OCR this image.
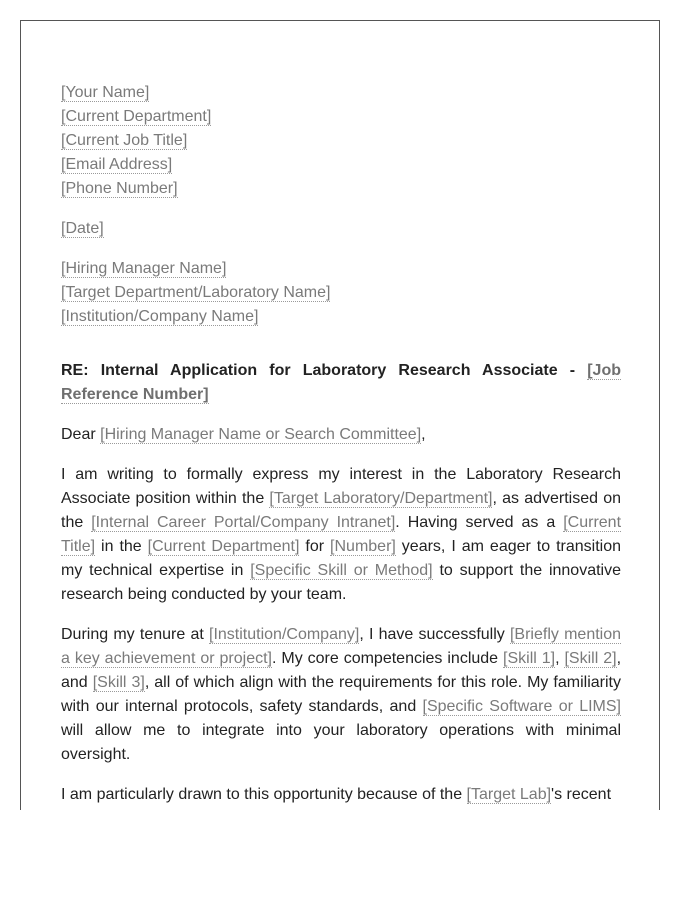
[Your Name]
[Current Department]
[Current Job Title]
[Email Address]
[Phone Number]
[Date]
[Hiring Manager Name]
[Target Department/Laboratory Name]
[Institution/Company Name]
RE: Internal Application for Laboratory Research Associate - [Job Reference Number]
Dear [Hiring Manager Name or Search Committee],

I am writing to formally express my interest in the Laboratory Research Associate position within the [Target Laboratory/Department], as advertised on the [Internal Career Portal/Company Intranet]. Having served as a [Current Title] in the [Current Department] for [Number] years, I am eager to transition my technical expertise in [Specific Skill or Method] to support the innovative research being conducted by your team.

During my tenure at [Institution/Company], I have successfully [Briefly mention a key achievement or project]. My core competencies include [Skill 1], [Skill 2], and [Skill 3], all of which align with the requirements for this role. My familiarity with our internal protocols, safety standards, and [Specific Software or LIMS] will allow me to integrate into your laboratory operations with minimal oversight.

I am particularly drawn to this opportunity because of the [Target Lab]'s recent
